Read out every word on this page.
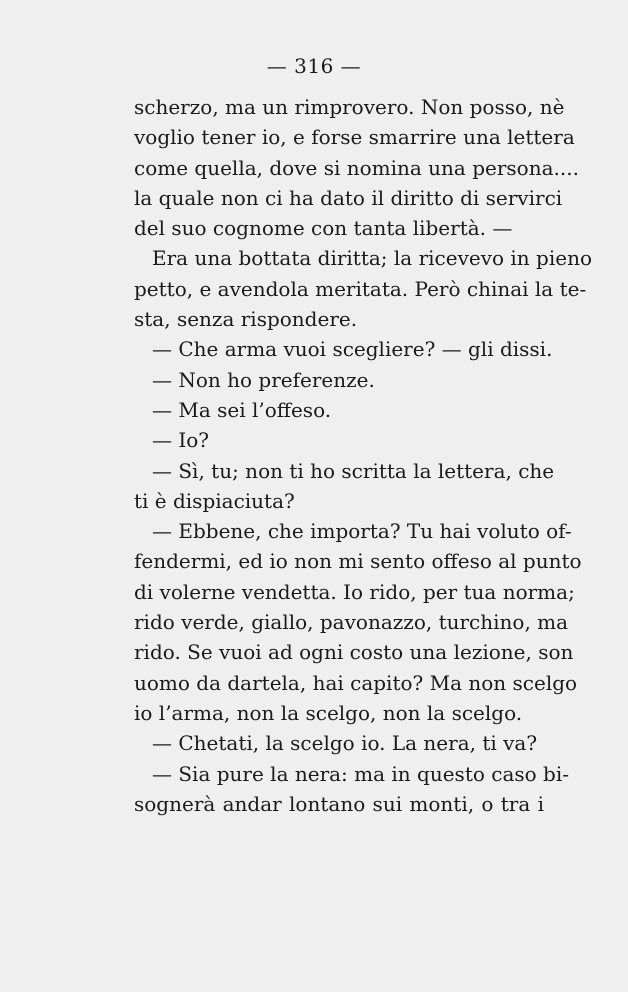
— 316 —
scherzo, ma un rimprovero. Non posso, nè
voglio tener io, e forse smarrire una lettera
come quella, dove si nomina una persona....
la quale non ci ha dato il diritto di servirci
del suo cognome con tanta libertà. —
Era una bottata diritta; la ricevevo in pieno
petto, e avendola meritata. Però chinai la te-
sta, senza rispondere.
— Che arma vuoi scegliere? — gli dissi.
— Non ho preferenze.
— Ma sei l’offeso.
— Io?
— Sì, tu; non ti ho scritta la lettera, che
ti è dispiaciuta?
— Ebbene, che importa? Tu hai voluto of-
fendermi, ed io non mi sento offeso al punto
di volerne vendetta. Io rido, per tua norma;
rido verde, giallo, pavonazzo, turchino, ma
rido. Se vuoi ad ogni costo una lezione, son
uomo da dartela, hai capito? Ma non scelgo
io l’arma, non la scelgo, non la scelgo.
— Chetati, la scelgo io. La nera, ti va?
— Sia pure la nera: ma in questo caso bi-
sognerà andar lontano sui monti, o tra i
